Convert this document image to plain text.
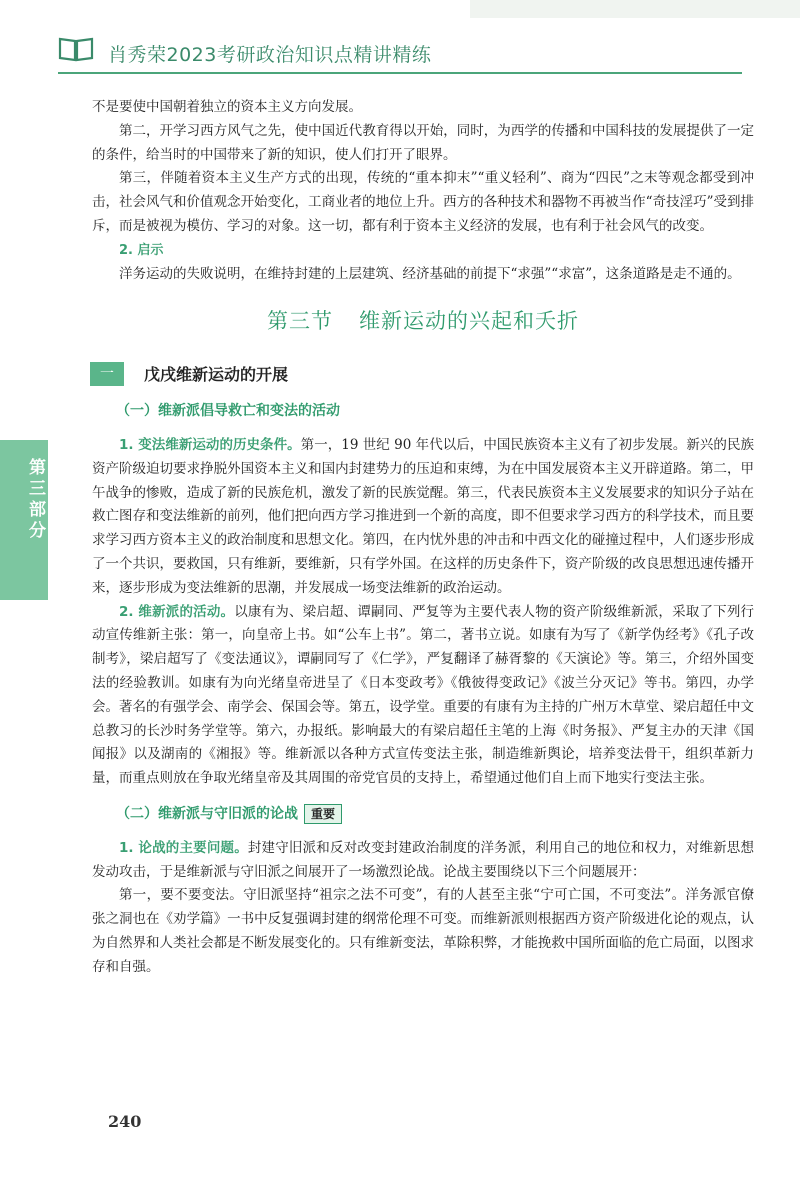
肖秀荣2023考研政治知识点精讲精练
第三部分

不是要使中国朝着独立的资本主义方向发展。

第二，开学习西方风气之先，使中国近代教育得以开始，同时，为西学的传播和中国科技的发展提供了一定的条件，给当时的中国带来了新的知识，使人们打开了眼界。

第三，伴随着资本主义生产方式的出现，传统的“重本抑末”“重义轻利”、商为“四民”之末等观念都受到冲击，社会风气和价值观念开始变化，工商业者的地位上升。西方的各种技术和器物不再被当作“奇技淫巧”受到排斥，而是被视为模仿、学习的对象。这一切，都有利于资本主义经济的发展，也有利于社会风气的改变。

2. 启示

洋务运动的失败说明，在维持封建的上层建筑、经济基础的前提下“求强”“求富”，这条道路是走不通的。

第三节 维新运动的兴起和夭折
一	戊戌维新运动的开展
（一）维新派倡导救亡和变法的活动

1. 变法维新运动的历史条件。第一，19 世纪 90 年代以后，中国民族资本主义有了初步发展。新兴的民族资产阶级迫切要求挣脱外国资本主义和国内封建势力的压迫和束缚，为在中国发展资本主义开辟道路。第二，甲午战争的惨败，造成了新的民族危机，激发了新的民族觉醒。第三，代表民族资本主义发展要求的知识分子站在救亡图存和变法维新的前列，他们把向西方学习推进到一个新的高度，即不但要求学习西方的科学技术，而且要求学习西方资本主义的政治制度和思想文化。第四，在内忧外患的冲击和中西文化的碰撞过程中，人们逐步形成了一个共识，要救国，只有维新，要维新，只有学外国。在这样的历史条件下，资产阶级的改良思想迅速传播开来，逐步形成为变法维新的思潮，并发展成一场变法维新的政治运动。

2. 维新派的活动。以康有为、梁启超、谭嗣同、严复等为主要代表人物的资产阶级维新派，采取了下列行动宣传维新主张：第一，向皇帝上书。如“公车上书”。第二，著书立说。如康有为写了《新学伪经考》《孔子改制考》，梁启超写了《变法通议》，谭嗣同写了《仁学》，严复翻译了赫胥黎的《天演论》等。第三，介绍外国变法的经验教训。如康有为向光绪皇帝进呈了《日本变政考》《俄彼得变政记》《波兰分灭记》等书。第四，办学会。著名的有强学会、南学会、保国会等。第五，设学堂。重要的有康有为主持的广州万木草堂、梁启超任中文总教习的长沙时务学堂等。第六，办报纸。影响最大的有梁启超任主笔的上海《时务报》、严复主办的天津《国闻报》以及湖南的《湘报》等。维新派以各种方式宣传变法主张，制造维新舆论，培养变法骨干，组织革新力量，而重点则放在争取光绪皇帝及其周围的帝党官员的支持上，希望通过他们自上而下地实行变法主张。

（二）维新派与守旧派的论战 重要

1. 论战的主要问题。封建守旧派和反对改变封建政治制度的洋务派，利用自己的地位和权力，对维新思想发动攻击，于是维新派与守旧派之间展开了一场激烈论战。论战主要围绕以下三个问题展开：

第一，要不要变法。守旧派坚持“祖宗之法不可变”，有的人甚至主张“宁可亡国，不可变法”。洋务派官僚张之洞也在《劝学篇》一书中反复强调封建的纲常伦理不可变。而维新派则根据西方资产阶级进化论的观点，认为自然界和人类社会都是不断发展变化的。只有维新变法，革除积弊，才能挽救中国所面临的危亡局面，以图求存和自强。

240
